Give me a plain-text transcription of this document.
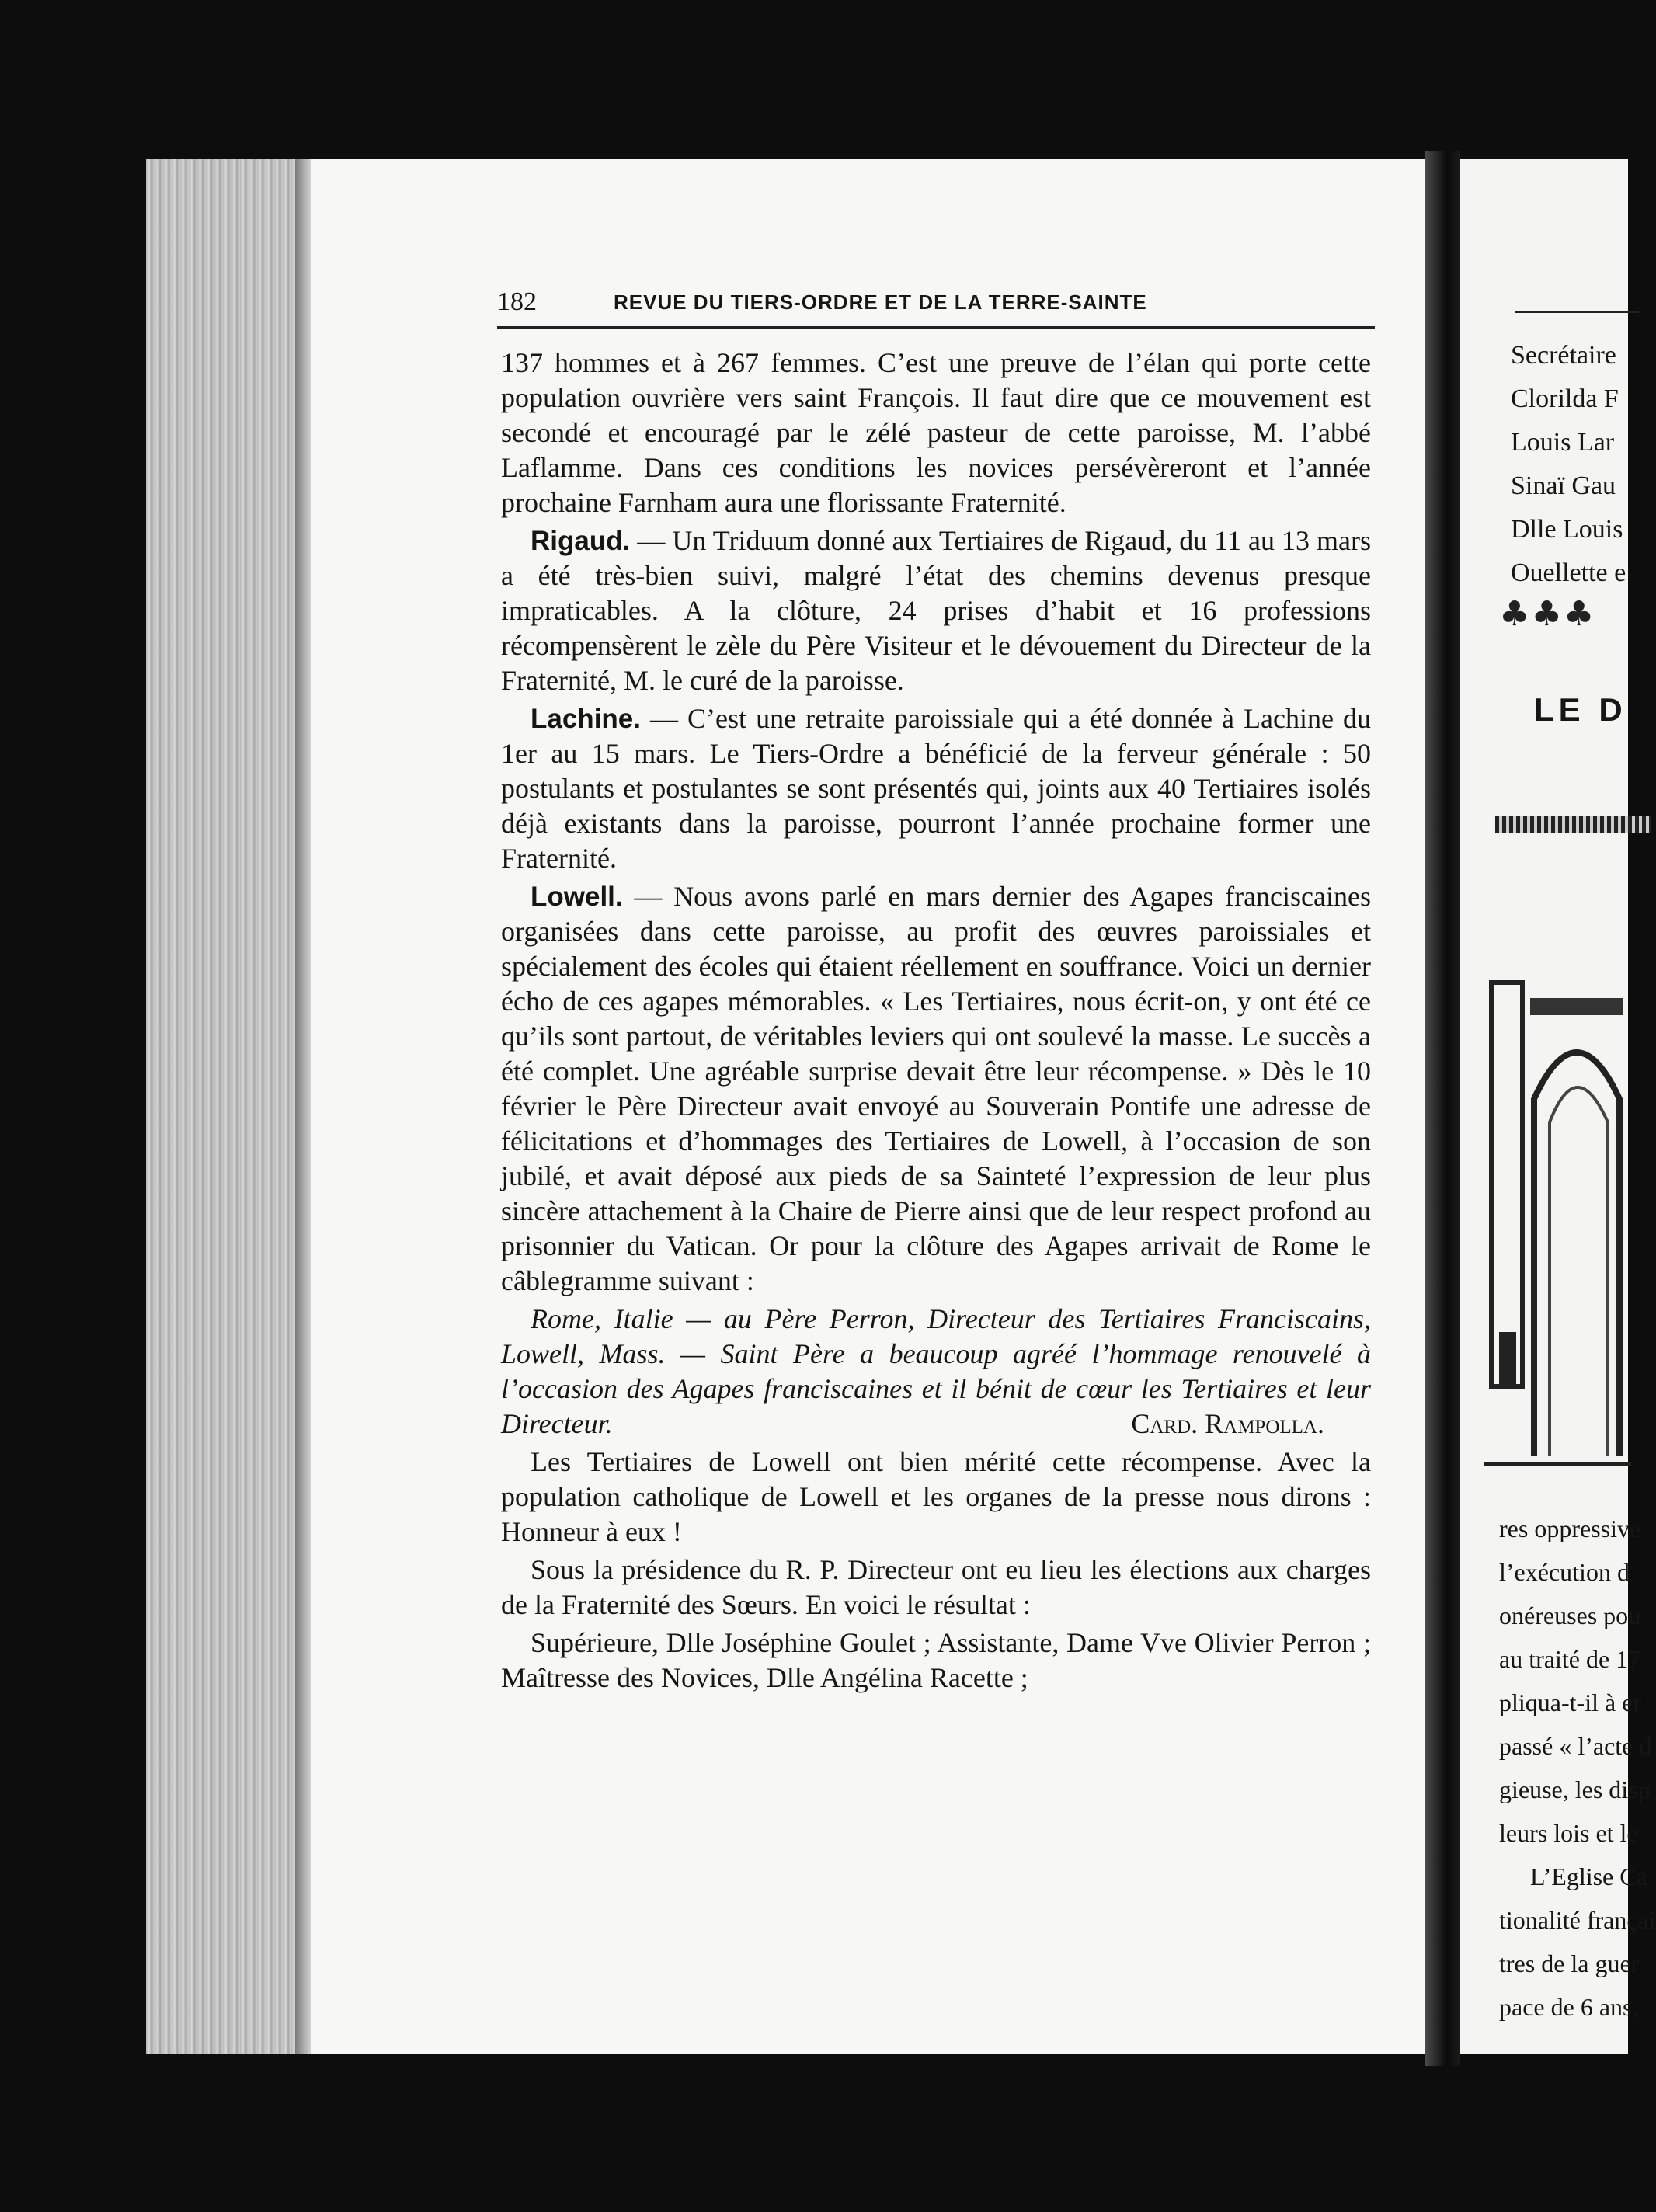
182	REVUE DU TIERS-ORDRE ET DE LA TERRE-SAINTE

137 hommes et à 267 femmes. C’est une preuve de l’élan qui porte cette population ouvrière vers saint François. Il faut dire que ce mouvement est secondé et encouragé par le zélé pasteur de cette paroisse, M. l’abbé Laflamme. Dans ces conditions les novices persévèreront et l’année prochaine Farnham aura une florissante Fraternité.

Rigaud. — Un Triduum donné aux Tertiaires de Rigaud, du 11 au 13 mars a été très-bien suivi, malgré l’état des chemins devenus presque impraticables. A la clôture, 24 prises d’habit et 16 professions récompensèrent le zèle du Père Visiteur et le dévouement du Directeur de la Fraternité, M. le curé de la paroisse.

Lachine. — C’est une retraite paroissiale qui a été donnée à Lachine du 1er au 15 mars. Le Tiers-Ordre a bénéficié de la ferveur générale : 50 postulants et postulantes se sont présentés qui, joints aux 40 Tertiaires isolés déjà existants dans la paroisse, pourront l’année prochaine former une Fraternité.

Lowell. — Nous avons parlé en mars dernier des Agapes franciscaines organisées dans cette paroisse, au profit des œuvres paroissiales et spécialement des écoles qui étaient réellement en souffrance. Voici un dernier écho de ces agapes mémorables. « Les Tertiaires, nous écrit-on, y ont été ce qu’ils sont partout, de véritables leviers qui ont soulevé la masse. Le succès a été complet. Une agréable surprise devait être leur récompense. » Dès le 10 février le Père Directeur avait envoyé au Souverain Pontife une adresse de félicitations et d’hommages des Tertiaires de Lowell, à l’occasion de son jubilé, et avait déposé aux pieds de sa Sainteté l’expression de leur plus sincère attachement à la Chaire de Pierre ainsi que de leur respect profond au prisonnier du Vatican. Or pour la clôture des Agapes arrivait de Rome le câblegramme suivant :

Rome, Italie — au Père Perron, Directeur des Tertiaires Franciscains, Lowell, Mass. — Saint Père a beaucoup agréé l’hommage renouvelé à l’occasion des Agapes franciscaines et il bénit de cœur les Tertiaires et leur Directeur.	Card. Rampolla.

Les Tertiaires de Lowell ont bien mérité cette récompense. Avec la population catholique de Lowell et les organes de la presse nous dirons : Honneur à eux !

Sous la présidence du R. P. Directeur ont eu lieu les élections aux charges de la Fraternité des Sœurs. En voici le résultat :

Supérieure, Dlle Joséphine Goulet ; Assistante, Dame Vve Olivier Perron ; Maîtresse des Novices, Dlle Angélina Racette ;

Secrétaire
Clorilda F
Louis Lar
Sinaï Gau
Dlle Louis
Ouellette e
♣♣♣
LE D
res oppressive
l’exécution d
onéreuses pou
au traité de 17
pliqua-t-il à er
passé « l’acte d
gieuse, les disp
leurs lois et le
L’Eglise Ca
tionalité françai
tres de la guer
pace de 6 ans,
